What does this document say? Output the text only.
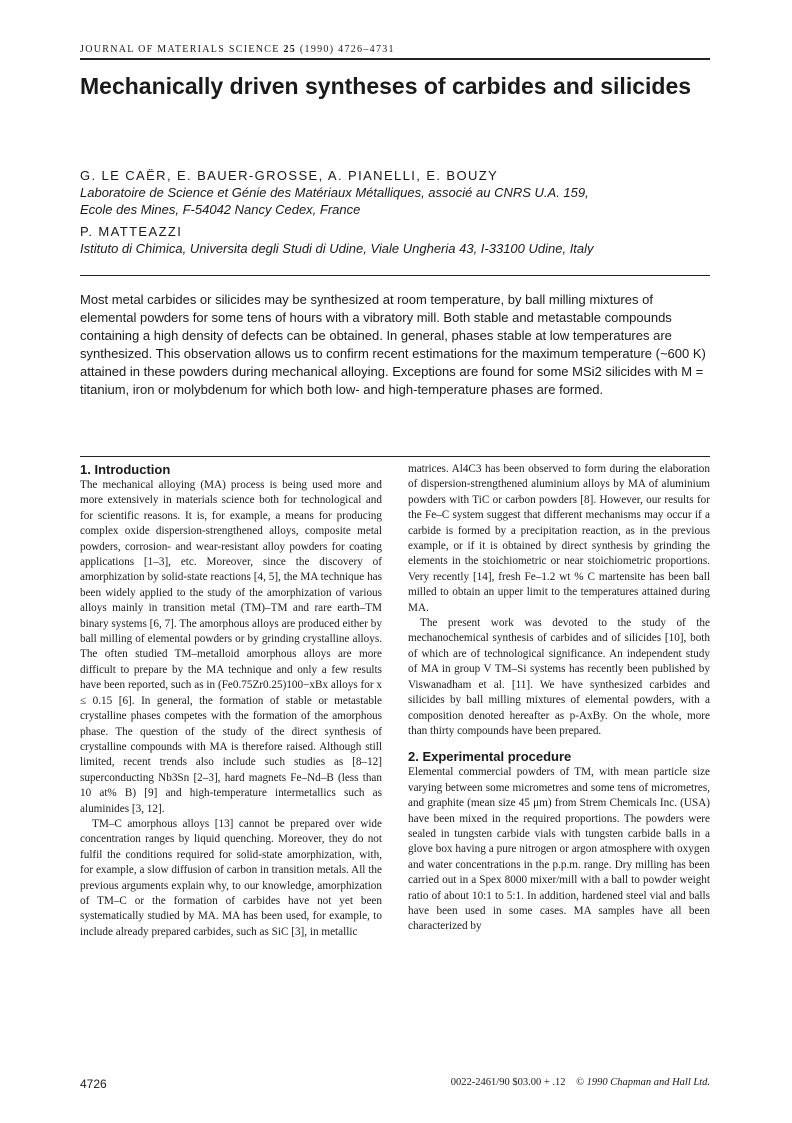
JOURNAL OF MATERIALS SCIENCE 25 (1990) 4726–4731
Mechanically driven syntheses of carbides and silicides
G. LE CAËR, E. BAUER-GROSSE, A. PIANELLI, E. BOUZY
Laboratoire de Science et Génie des Matériaux Métalliques, associé au CNRS U.A. 159,
Ecole des Mines, F-54042 Nancy Cedex, France
P. MATTEAZZI
Istituto di Chimica, Universita degli Studi di Udine, Viale Ungheria 43, I-33100 Udine, Italy

Most metal carbides or silicides may be synthesized at room temperature, by ball milling mixtures of elemental powders for some tens of hours with a vibratory mill. Both stable and metastable compounds containing a high density of defects can be obtained. In general, phases stable at low temperatures are synthesized. This observation allows us to confirm recent estimations for the maximum temperature (~600 K) attained in these powders during mechanical alloying. Exceptions are found for some MSi2 silicides with M = titanium, iron or molybdenum for which both low- and high-temperature phases are formed.

1. Introduction

The mechanical alloying (MA) process is being used more and more extensively in materials science both for technological and for scientific reasons. It is, for example, a means for producing complex oxide dispersion-strengthened alloys, composite metal powders, corrosion- and wear-resistant alloy powders for coating applications [1–3], etc. Moreover, since the discovery of amorphization by solid-state reactions [4, 5], the MA technique has been widely applied to the study of the amorphization of various alloys mainly in transition metal (TM)–TM and rare earth–TM binary systems [6, 7]. The amorphous alloys are produced either by ball milling of elemental powders or by grinding crystalline alloys. The often studied TM–metalloid amorphous alloys are more difficult to prepare by the MA technique and only a few results have been reported, such as in (Fe0.75Zr0.25)100−xBx alloys for x ≤ 0.15 [6]. In general, the formation of stable or metastable crystalline phases competes with the formation of the amorphous phase. The question of the study of the direct synthesis of crystalline compounds with MA is therefore raised. Although still limited, recent trends also include such studies as [8–12] superconducting Nb3Sn [2–3], hard magnets Fe–Nd–B (less than 10 at% B) [9] and high-temperature intermetallics such as aluminides [3, 12].

TM–C amorphous alloys [13] cannot be prepared over wide concentration ranges by liquid quenching. Moreover, they do not fulfil the conditions required for solid-state amorphization, with, for example, a slow diffusion of carbon in transition metals. All the previous arguments explain why, to our knowledge, amorphization of TM–C or the formation of carbides have not yet been systematically studied by MA. MA has been used, for example, to include already prepared carbides, such as SiC [3], in metallic

matrices. Al4C3 has been observed to form during the elaboration of dispersion-strengthened aluminium alloys by MA of aluminium powders with TiC or carbon powders [8]. However, our results for the Fe–C system suggest that different mechanisms may occur if a carbide is formed by a precipitation reaction, as in the previous example, or if it is obtained by direct synthesis by grinding the elements in the stoichiometric or near stoichiometric proportions. Very recently [14], fresh Fe–1.2 wt % C martensite has been ball milled to obtain an upper limit to the temperatures attained during MA.

The present work was devoted to the study of the mechanochemical synthesis of carbides and of silicides [10], both of which are of technological significance. An independent study of MA in group V TM–Si systems has recently been published by Viswanadham et al. [11]. We have synthesized carbides and silicides by ball milling mixtures of elemental powders, with a composition denoted hereafter as p-AxBy. On the whole, more than thirty compounds have been prepared.

2. Experimental procedure

Elemental commercial powders of TM, with mean particle size varying between some micrometres and some tens of micrometres, and graphite (mean size 45 μm) from Strem Chemicals Inc. (USA) have been mixed in the required proportions. The powders were sealed in tungsten carbide vials with tungsten carbide balls in a glove box having a pure nitrogen or argon atmosphere with oxygen and water concentrations in the p.p.m. range. Dry milling has been carried out in a Spex 8000 mixer/mill with a ball to powder weight ratio of about 10:1 to 5:1. In addition, hardened steel vial and balls have been used in some cases. MA samples have all been characterized by

4726	0022-2461/90 $03.00 + .12 © 1990 Chapman and Hall Ltd.
